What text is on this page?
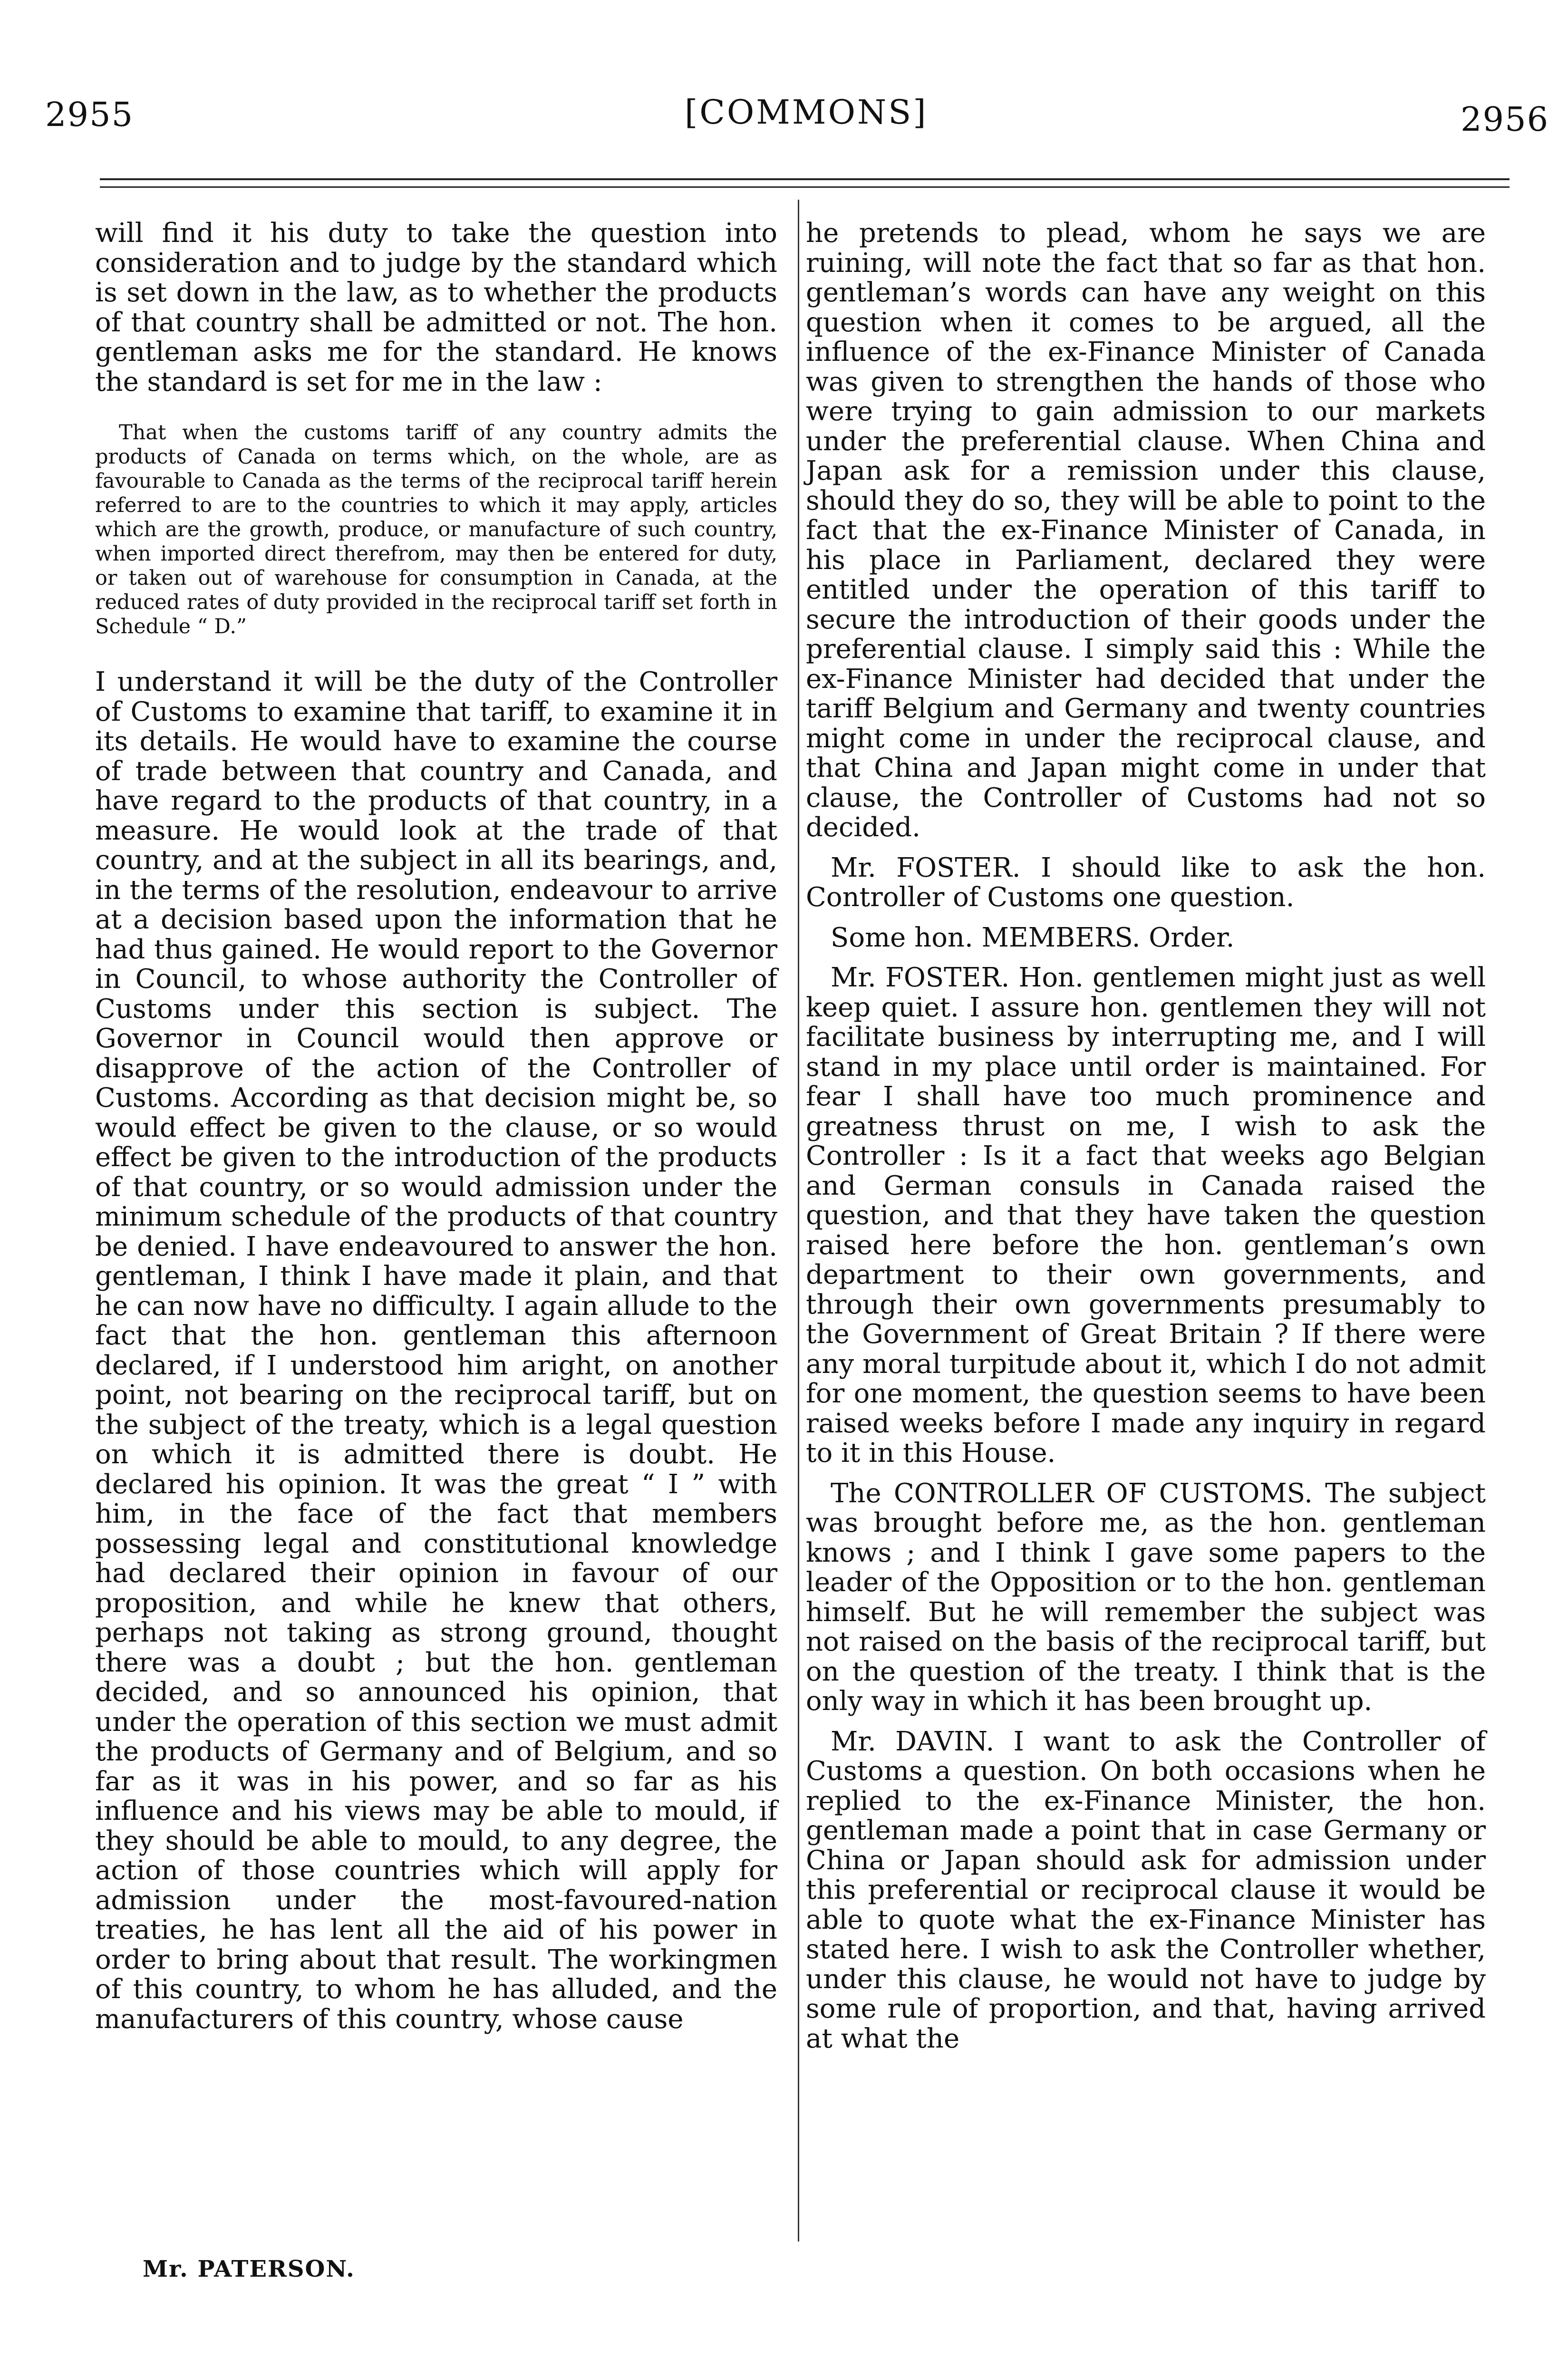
2955	[COMMONS]	2956

will find it his duty to take the question into consideration and to judge by the standard which is set down in the law, as to whether the products of that country shall be admitted or not. The hon. gentleman asks me for the standard. He knows the standard is set for me in the law :

That when the customs tariff of any country admits the products of Canada on terms which, on the whole, are as favourable to Canada as the terms of the reciprocal tariff herein referred to are to the countries to which it may apply, articles which are the growth, produce, or manufacture of such country, when imported direct therefrom, may then be entered for duty, or taken out of warehouse for consumption in Canada, at the reduced rates of duty provided in the reciprocal tariff set forth in Schedule “ D.”

I understand it will be the duty of the Controller of Customs to examine that tariff, to examine it in its details. He would have to examine the course of trade between that country and Canada, and have regard to the products of that country, in a measure. He would look at the trade of that country, and at the subject in all its bearings, and, in the terms of the resolution, endeavour to arrive at a decision based upon the information that he had thus gained. He would report to the Governor in Council, to whose authority the Controller of Customs under this section is subject. The Governor in Council would then approve or disapprove of the action of the Controller of Customs. According as that decision might be, so would effect be given to the clause, or so would effect be given to the introduction of the products of that country, or so would admission under the minimum schedule of the products of that country be denied. I have endeavoured to answer the hon. gentleman, I think I have made it plain, and that he can now have no difficulty. I again allude to the fact that the hon. gentleman this afternoon declared, if I understood him aright, on another point, not bearing on the reciprocal tariff, but on the subject of the treaty, which is a legal question on which it is admitted there is doubt. He declared his opinion. It was the great “ I ” with him, in the face of the fact that members possessing legal and constitutional knowledge had declared their opinion in favour of our proposition, and while he knew that others, perhaps not taking as strong ground, thought there was a doubt ; but the hon. gentleman decided, and so announced his opinion, that under the operation of this section we must admit the products of Germany and of Belgium, and so far as it was in his power, and so far as his influence and his views may be able to mould, if they should be able to mould, to any degree, the action of those countries which will apply for admission under the most-favoured-nation treaties, he has lent all the aid of his power in order to bring about that result. The workingmen of this country, to whom he has alluded, and the manufacturers of this country, whose cause

he pretends to plead, whom he says we are ruining, will note the fact that so far as that hon. gentleman’s words can have any weight on this question when it comes to be argued, all the influence of the ex-Finance Minister of Canada was given to strengthen the hands of those who were trying to gain admission to our markets under the preferential clause. When China and Japan ask for a remission under this clause, should they do so, they will be able to point to the fact that the ex-Finance Minister of Canada, in his place in Parliament, declared they were entitled under the operation of this tariff to secure the introduction of their goods under the preferential clause. I simply said this : While the ex-Finance Minister had decided that under the tariff Belgium and Germany and twenty countries might come in under the reciprocal clause, and that China and Japan might come in under that clause, the Controller of Customs had not so decided.

Mr. FOSTER. I should like to ask the hon. Controller of Customs one question.

Some hon. MEMBERS. Order.

Mr. FOSTER. Hon. gentlemen might just as well keep quiet. I assure hon. gentlemen they will not facilitate business by interrupting me, and I will stand in my place until order is maintained. For fear I shall have too much prominence and greatness thrust on me, I wish to ask the Controller : Is it a fact that weeks ago Belgian and German consuls in Canada raised the question, and that they have taken the question raised here before the hon. gentleman’s own department to their own governments, and through their own governments presumably to the Government of Great Britain ? If there were any moral turpitude about it, which I do not admit for one moment, the question seems to have been raised weeks before I made any inquiry in regard to it in this House.

The CONTROLLER OF CUSTOMS. The subject was brought before me, as the hon. gentleman knows ; and I think I gave some papers to the leader of the Opposition or to the hon. gentleman himself. But he will remember the subject was not raised on the basis of the reciprocal tariff, but on the question of the treaty. I think that is the only way in which it has been brought up.

Mr. DAVIN. I want to ask the Controller of Customs a question. On both occasions when he replied to the ex-Finance Minister, the hon. gentleman made a point that in case Germany or China or Japan should ask for admission under this preferential or reciprocal clause it would be able to quote what the ex-Finance Minister has stated here. I wish to ask the Controller whether, under this clause, he would not have to judge by some rule of proportion, and that, having arrived at what the

Mr. PATERSON.
